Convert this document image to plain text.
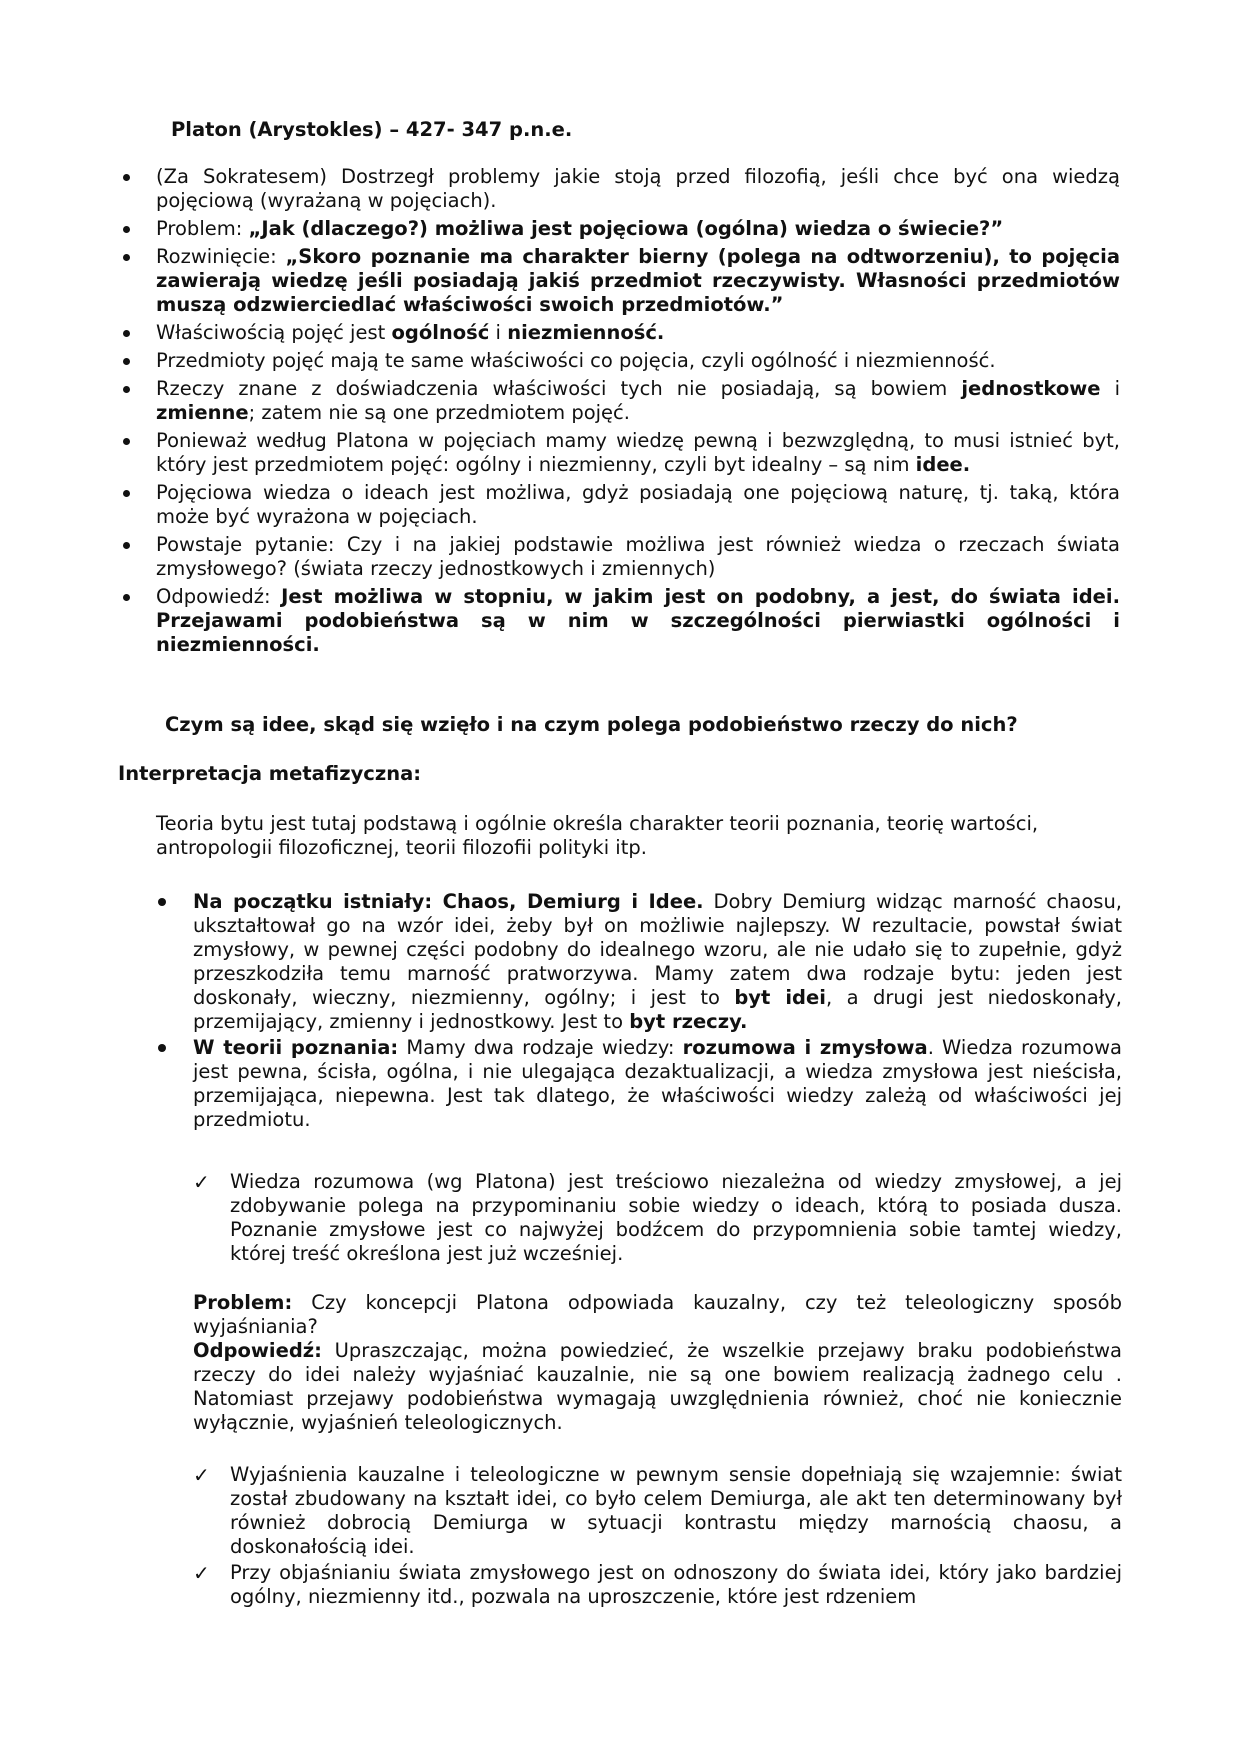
Platon (Arystokles) – 427- 347 p.n.e.

(Za Sokratesem) Dostrzegł problemy jakie stoją przed filozofią, jeśli chce być ona wiedzą pojęciową (wyrażaną w pojęciach).
Problem: „Jak (dlaczego?) możliwa jest pojęciowa (ogólna) wiedza o świecie?”
Rozwinięcie: „Skoro poznanie ma charakter bierny (polega na odtworzeniu), to pojęcia zawierają wiedzę jeśli posiadają jakiś przedmiot rzeczywisty. Własności przedmiotów muszą odzwierciedlać właściwości swoich przedmiotów.”
Właściwością pojęć jest ogólność i niezmienność.
Przedmioty pojęć mają te same właściwości co pojęcia, czyli ogólność i niezmienność.
Rzeczy znane z doświadczenia właściwości tych nie posiadają, są bowiem jednostkowe i zmienne; zatem nie są one przedmiotem pojęć.
Ponieważ według Platona w pojęciach mamy wiedzę pewną i bezwzględną, to musi istnieć byt, który jest przedmiotem pojęć: ogólny i niezmienny, czyli byt idealny – są nim idee.
Pojęciowa wiedza o ideach jest możliwa, gdyż posiadają one pojęciową naturę, tj. taką, która może być wyrażona w pojęciach.
Powstaje pytanie: Czy i na jakiej podstawie możliwa jest również wiedza o rzeczach świata zmysłowego? (świata rzeczy jednostkowych i zmiennych)
Odpowiedź: Jest możliwa w stopniu, w jakim jest on podobny, a jest, do świata idei. Przejawami podobieństwa są w nim w szczególności pierwiastki ogólności i niezmienności.

Czym są idee, skąd się wzięło i na czym polega podobieństwo rzeczy do nich?

Interpretacja metafizyczna:

Teoria bytu jest tutaj podstawą i ogólnie określa charakter teorii poznania, teorię wartości, antropologii filozoficznej, teorii filozofii polityki itp.

Na początku istniały: Chaos, Demiurg i Idee. Dobry Demiurg widząc marność chaosu, ukształtował go na wzór idei, żeby był on możliwie najlepszy. W rezultacie, powstał świat zmysłowy, w pewnej części podobny do idealnego wzoru, ale nie udało się to zupełnie, gdyż przeszkodziła temu marność pratworzywa. Mamy zatem dwa rodzaje bytu: jeden jest doskonały, wieczny, niezmienny, ogólny; i jest to byt idei, a drugi jest niedoskonały, przemijający, zmienny i jednostkowy. Jest to byt rzeczy.
W teorii poznania: Mamy dwa rodzaje wiedzy: rozumowa i zmysłowa. Wiedza rozumowa jest pewna, ścisła, ogólna, i nie ulegająca dezaktualizacji, a wiedza zmysłowa jest nieścisła, przemijająca, niepewna. Jest tak dlatego, że właściwości wiedzy zależą od właściwości jej przedmiotu.
✓ Wiedza rozumowa (wg Platona) jest treściowo niezależna od wiedzy zmysłowej, a jej zdobywanie polega na przypominaniu sobie wiedzy o ideach, którą to posiada dusza. Poznanie zmysłowe jest co najwyżej bodźcem do przypomnienia sobie tamtej wiedzy, której treść określona jest już wcześniej.

Problem: Czy koncepcji Platona odpowiada kauzalny, czy też teleologiczny sposób wyjaśniania?

Odpowiedź: Upraszczając, można powiedzieć, że wszelkie przejawy braku podobieństwa rzeczy do idei należy wyjaśniać kauzalnie, nie są one bowiem realizacją żadnego celu . Natomiast przejawy podobieństwa wymagają uwzględnienia również, choć nie koniecznie wyłącznie, wyjaśnień teleologicznych.

✓ Wyjaśnienia kauzalne i teleologiczne w pewnym sensie dopełniają się wzajemnie: świat został zbudowany na kształt idei, co było celem Demiurga, ale akt ten determinowany był również dobrocią Demiurga w sytuacji kontrastu między marnością chaosu, a doskonałością idei.
✓ Przy objaśnianiu świata zmysłowego jest on odnoszony do świata idei, który jako bardziej ogólny, niezmienny itd., pozwala na uproszczenie, które jest rdzeniem
